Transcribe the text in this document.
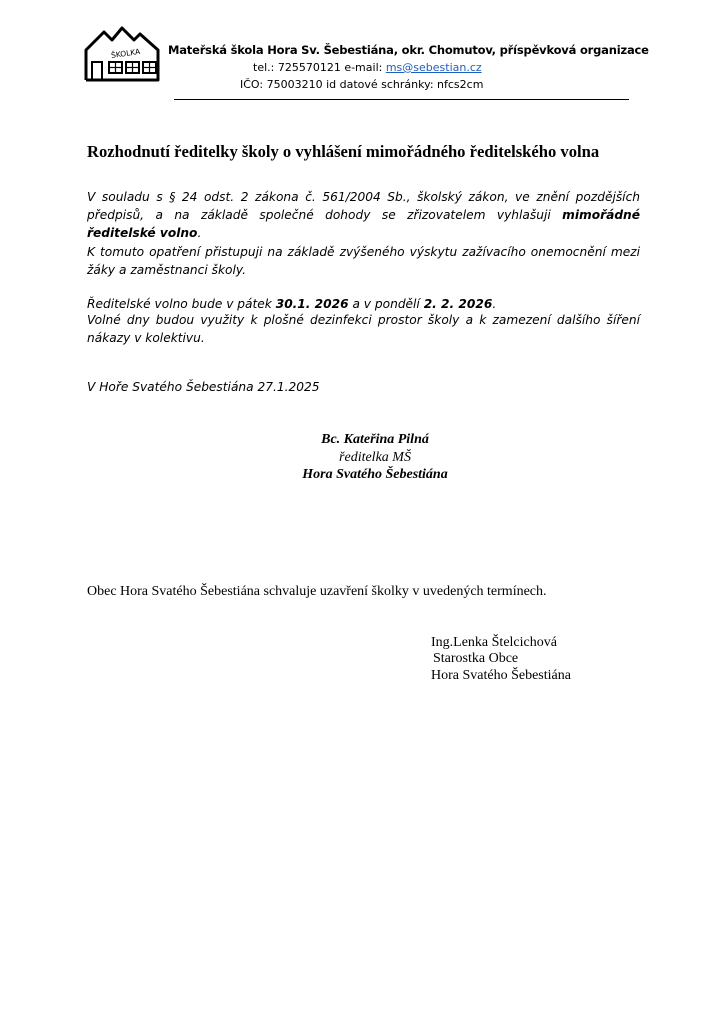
ŠKOLKA Mateřská škola Hora Sv. Šebestiána, okr. Chomutov, příspěvková organizace
tel.: 725570121 e-mail: ms@sebestian.cz
IČO: 75003210 id datové schránky: nfcs2cm
Rozhodnutí ředitelky školy o vyhlášení mimořádného ředitelského volna
V souladu s § 24 odst. 2 zákona č. 561/2004 Sb., školský zákon, ve znění pozdějších předpisů, a na základě společné dohody se zřizovatelem vyhlašuji mimořádné ředitelské volno.
K tomuto opatření přistupuji na základě zvýšeného výskytu zažívacího onemocnění mezi žáky a zaměstnanci školy.
Ředitelské volno bude v pátek 30.1. 2026 a v pondělí 2. 2. 2026.
Volné dny budou využity k plošné dezinfekci prostor školy a k zamezení dalšího šíření nákazy v kolektivu.
V Hoře Svatého Šebestiána 27.1.2025
Bc. Kateřina Pilná
ředitelka MŠ
Hora Svatého Šebestiána
Obec Hora Svatého Šebestiána schvaluje uzavření školky v uvedených termínech.
Ing.Lenka Štelcichová
Starostka Obce
Hora Svatého Šebestiána
